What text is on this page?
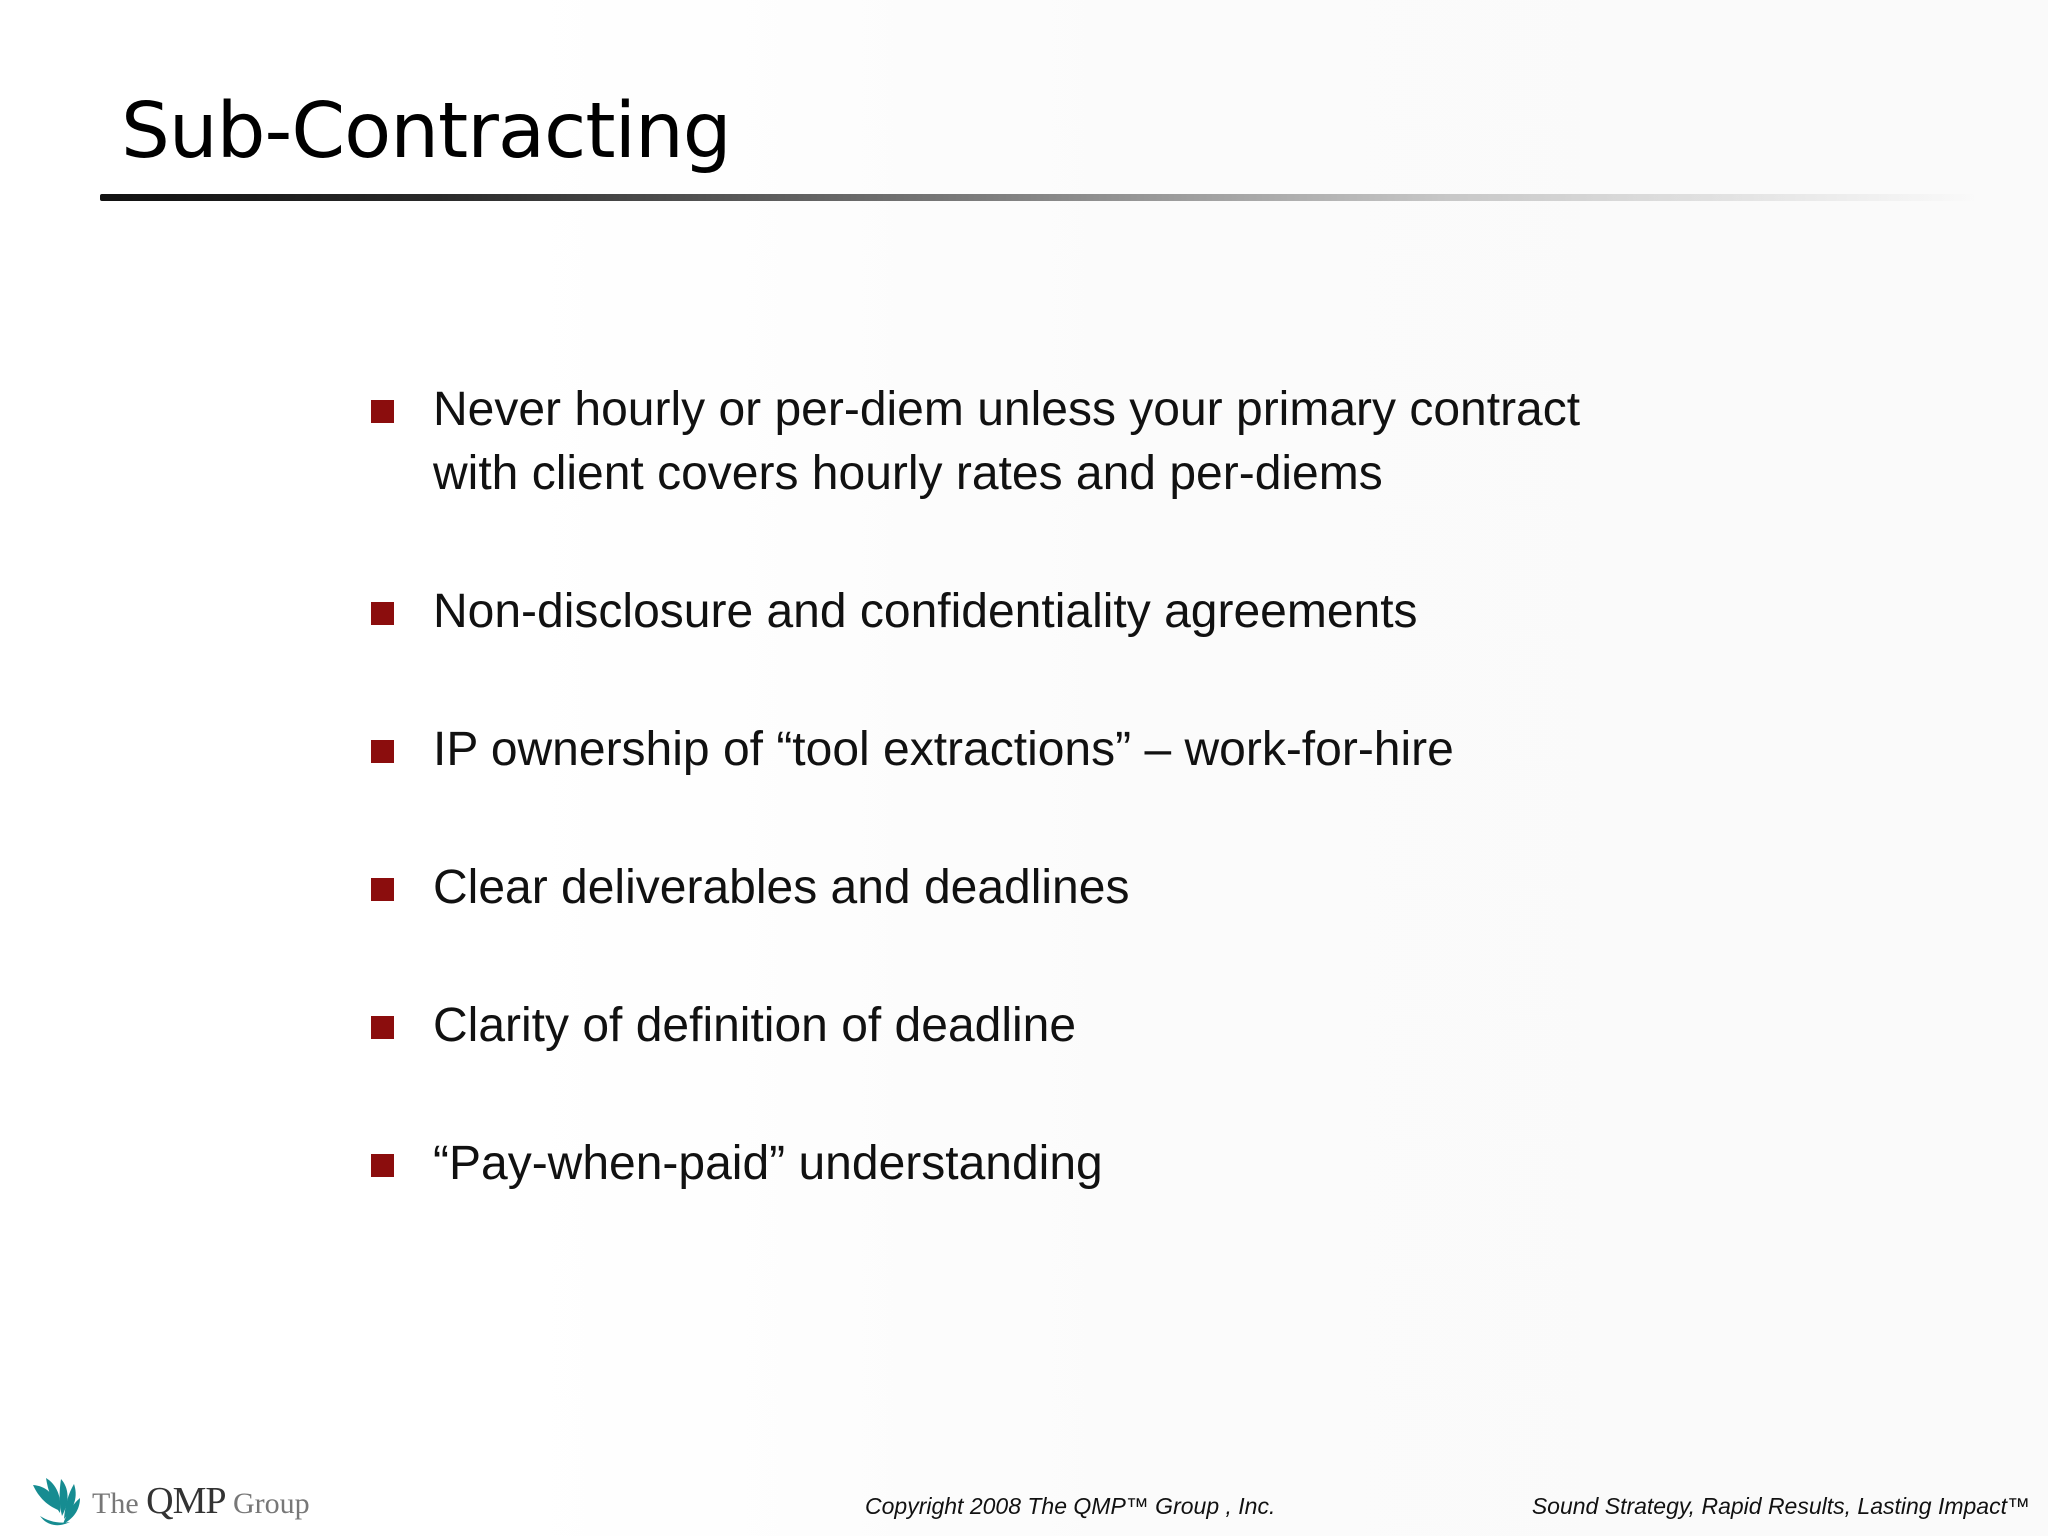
Sub-Contracting
Never hourly or per-diem unless your primary contract
with client covers hourly rates and per-diems
Non-disclosure and confidentiality agreements
IP ownership of “tool extractions” – work-for-hire
Clear deliverables and deadlines
Clarity of definition of deadline
“Pay-when-paid” understanding
The QMP Group	Copyright 2008 The QMP™ Group , Inc.	Sound Strategy, Rapid Results, Lasting Impact™
